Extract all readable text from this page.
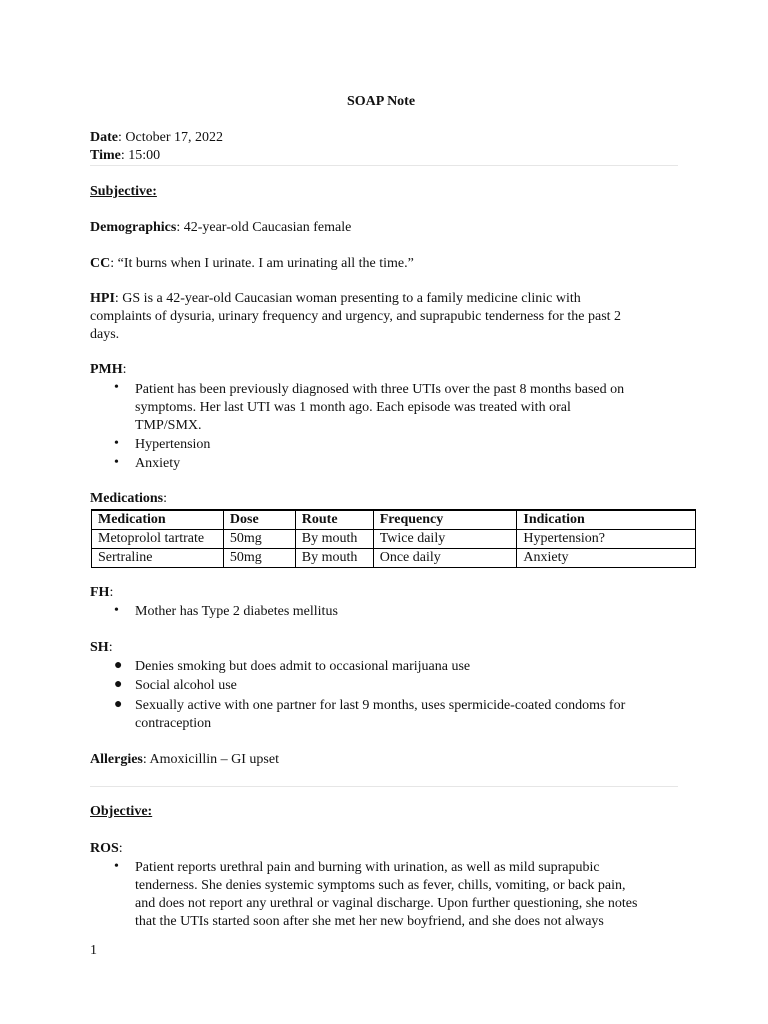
SOAP Note
Date: October 17, 2022
Time: 15:00
Subjective:
Demographics: 42-year-old Caucasian female
CC: “It burns when I urinate. I am urinating all the time.”
HPI: GS is a 42-year-old Caucasian woman presenting to a family medicine clinic with
complaints of dysuria, urinary frequency and urgency, and suprapubic tenderness for the past 2
days.
PMH:
• Patient has been previously diagnosed with three UTIs over the past 8 months based on
symptoms. Her last UTI was 1 month ago. Each episode was treated with oral
TMP/SMX.
• Hypertension
• Anxiety
Medications:
Medication	Dose	Route	Frequency	Indication
Metoprolol tartrate	50mg	By mouth	Twice daily	Hypertension?
Sertraline	50mg	By mouth	Once daily	Anxiety
FH:
• Mother has Type 2 diabetes mellitus
SH:
● Denies smoking but does admit to occasional marijuana use
● Social alcohol use
● Sexually active with one partner for last 9 months, uses spermicide-coated condoms for
contraception
Allergies: Amoxicillin – GI upset
Objective:
ROS:
• Patient reports urethral pain and burning with urination, as well as mild suprapubic
tenderness. She denies systemic symptoms such as fever, chills, vomiting, or back pain,
and does not report any urethral or vaginal discharge. Upon further questioning, she notes
that the UTIs started soon after she met her new boyfriend, and she does not always
1
